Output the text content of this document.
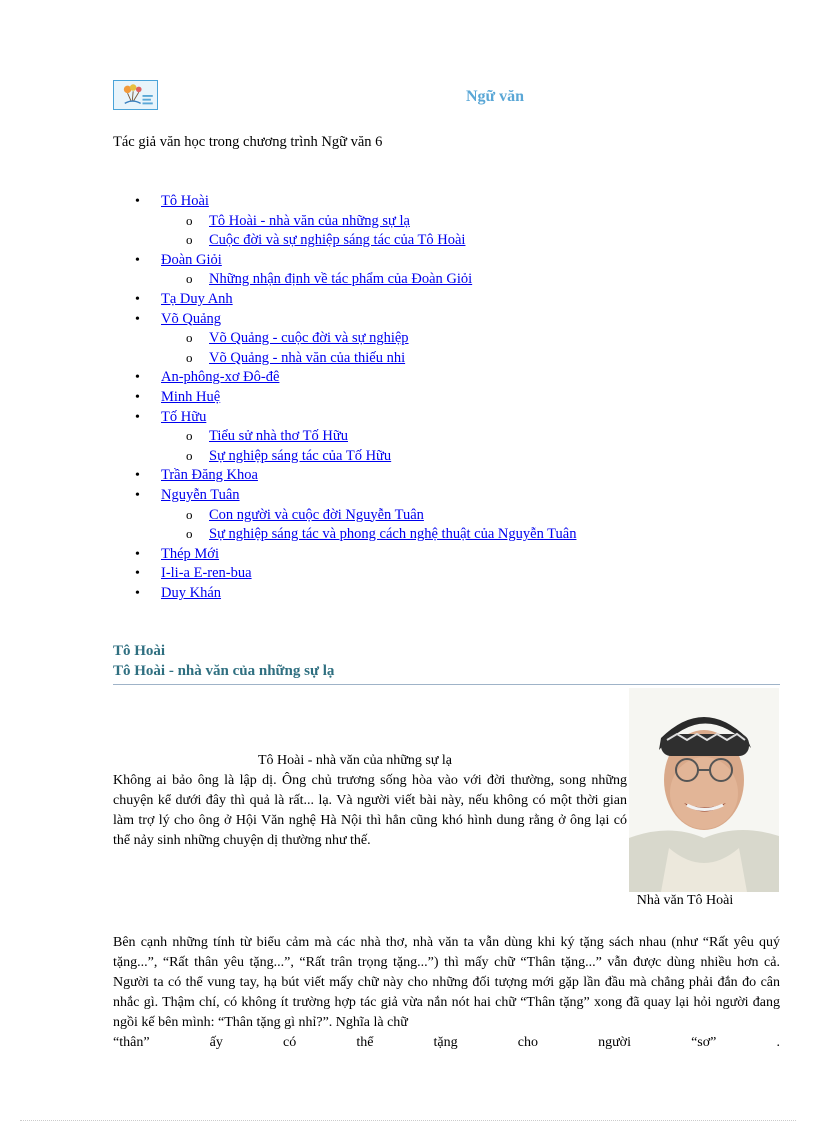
Ngữ văn
Tác giả văn học trong chương trình Ngữ văn 6
• Tô Hoài
o Tô Hoài - nhà văn của những sự lạ
o Cuộc đời và sự nghiệp sáng tác của Tô Hoài
• Đoàn Giỏi
o Những nhận định về tác phẩm của Đoàn Giỏi
• Tạ Duy Anh
• Võ Quảng
o Võ Quảng - cuộc đời và sự nghiệp
o Võ Quảng - nhà văn của thiếu nhi
• An-phông-xơ Đô-đê
• Minh Huệ
• Tố Hữu
o Tiểu sử nhà thơ Tố Hữu
o Sự nghiệp sáng tác của Tố Hữu
• Trần Đăng Khoa
• Nguyễn Tuân
o Con người và cuộc đời Nguyễn Tuân
o Sự nghiệp sáng tác và phong cách nghệ thuật của Nguyễn Tuân
• Thép Mới
• I-li-a E-ren-bua
• Duy Khán
Tô Hoài
Tô Hoài - nhà văn của những sự lạ
Nhà văn Tô Hoài
Tô Hoài - nhà văn của những sự lạ

Không ai bảo ông là lập dị. Ông chủ trương sống hòa vào với đời thường, song những chuyện kể dưới đây thì quả là rất... lạ. Và người viết bài này, nếu không có một thời gian làm trợ lý cho ông ở Hội Văn nghệ Hà Nội thì hẳn cũng khó hình dung rằng ở ông lại có thể nảy sinh những chuyện dị thường như thế.

Bên cạnh những tính từ biểu cảm mà các nhà thơ, nhà văn ta vẫn dùng khi ký tặng sách nhau (như “Rất yêu quý tặng...”, “Rất thân yêu tặng...”, “Rất trân trọng tặng...”) thì mấy chữ “Thân tặng...” vẫn được dùng nhiều hơn cả. Người ta có thể vung tay, hạ bút viết mấy chữ này cho những đối tượng mới gặp lần đầu mà chẳng phải đắn đo cân nhắc gì. Thậm chí, có không ít trường hợp tác giả vừa nắn nót hai chữ “Thân tặng” xong đã quay lại hỏi người đang ngồi kế bên mình: “Thân tặng gì nhỉ?”. Nghĩa là chữ
“thân” ấy có thể tặng cho người “sơ” .
